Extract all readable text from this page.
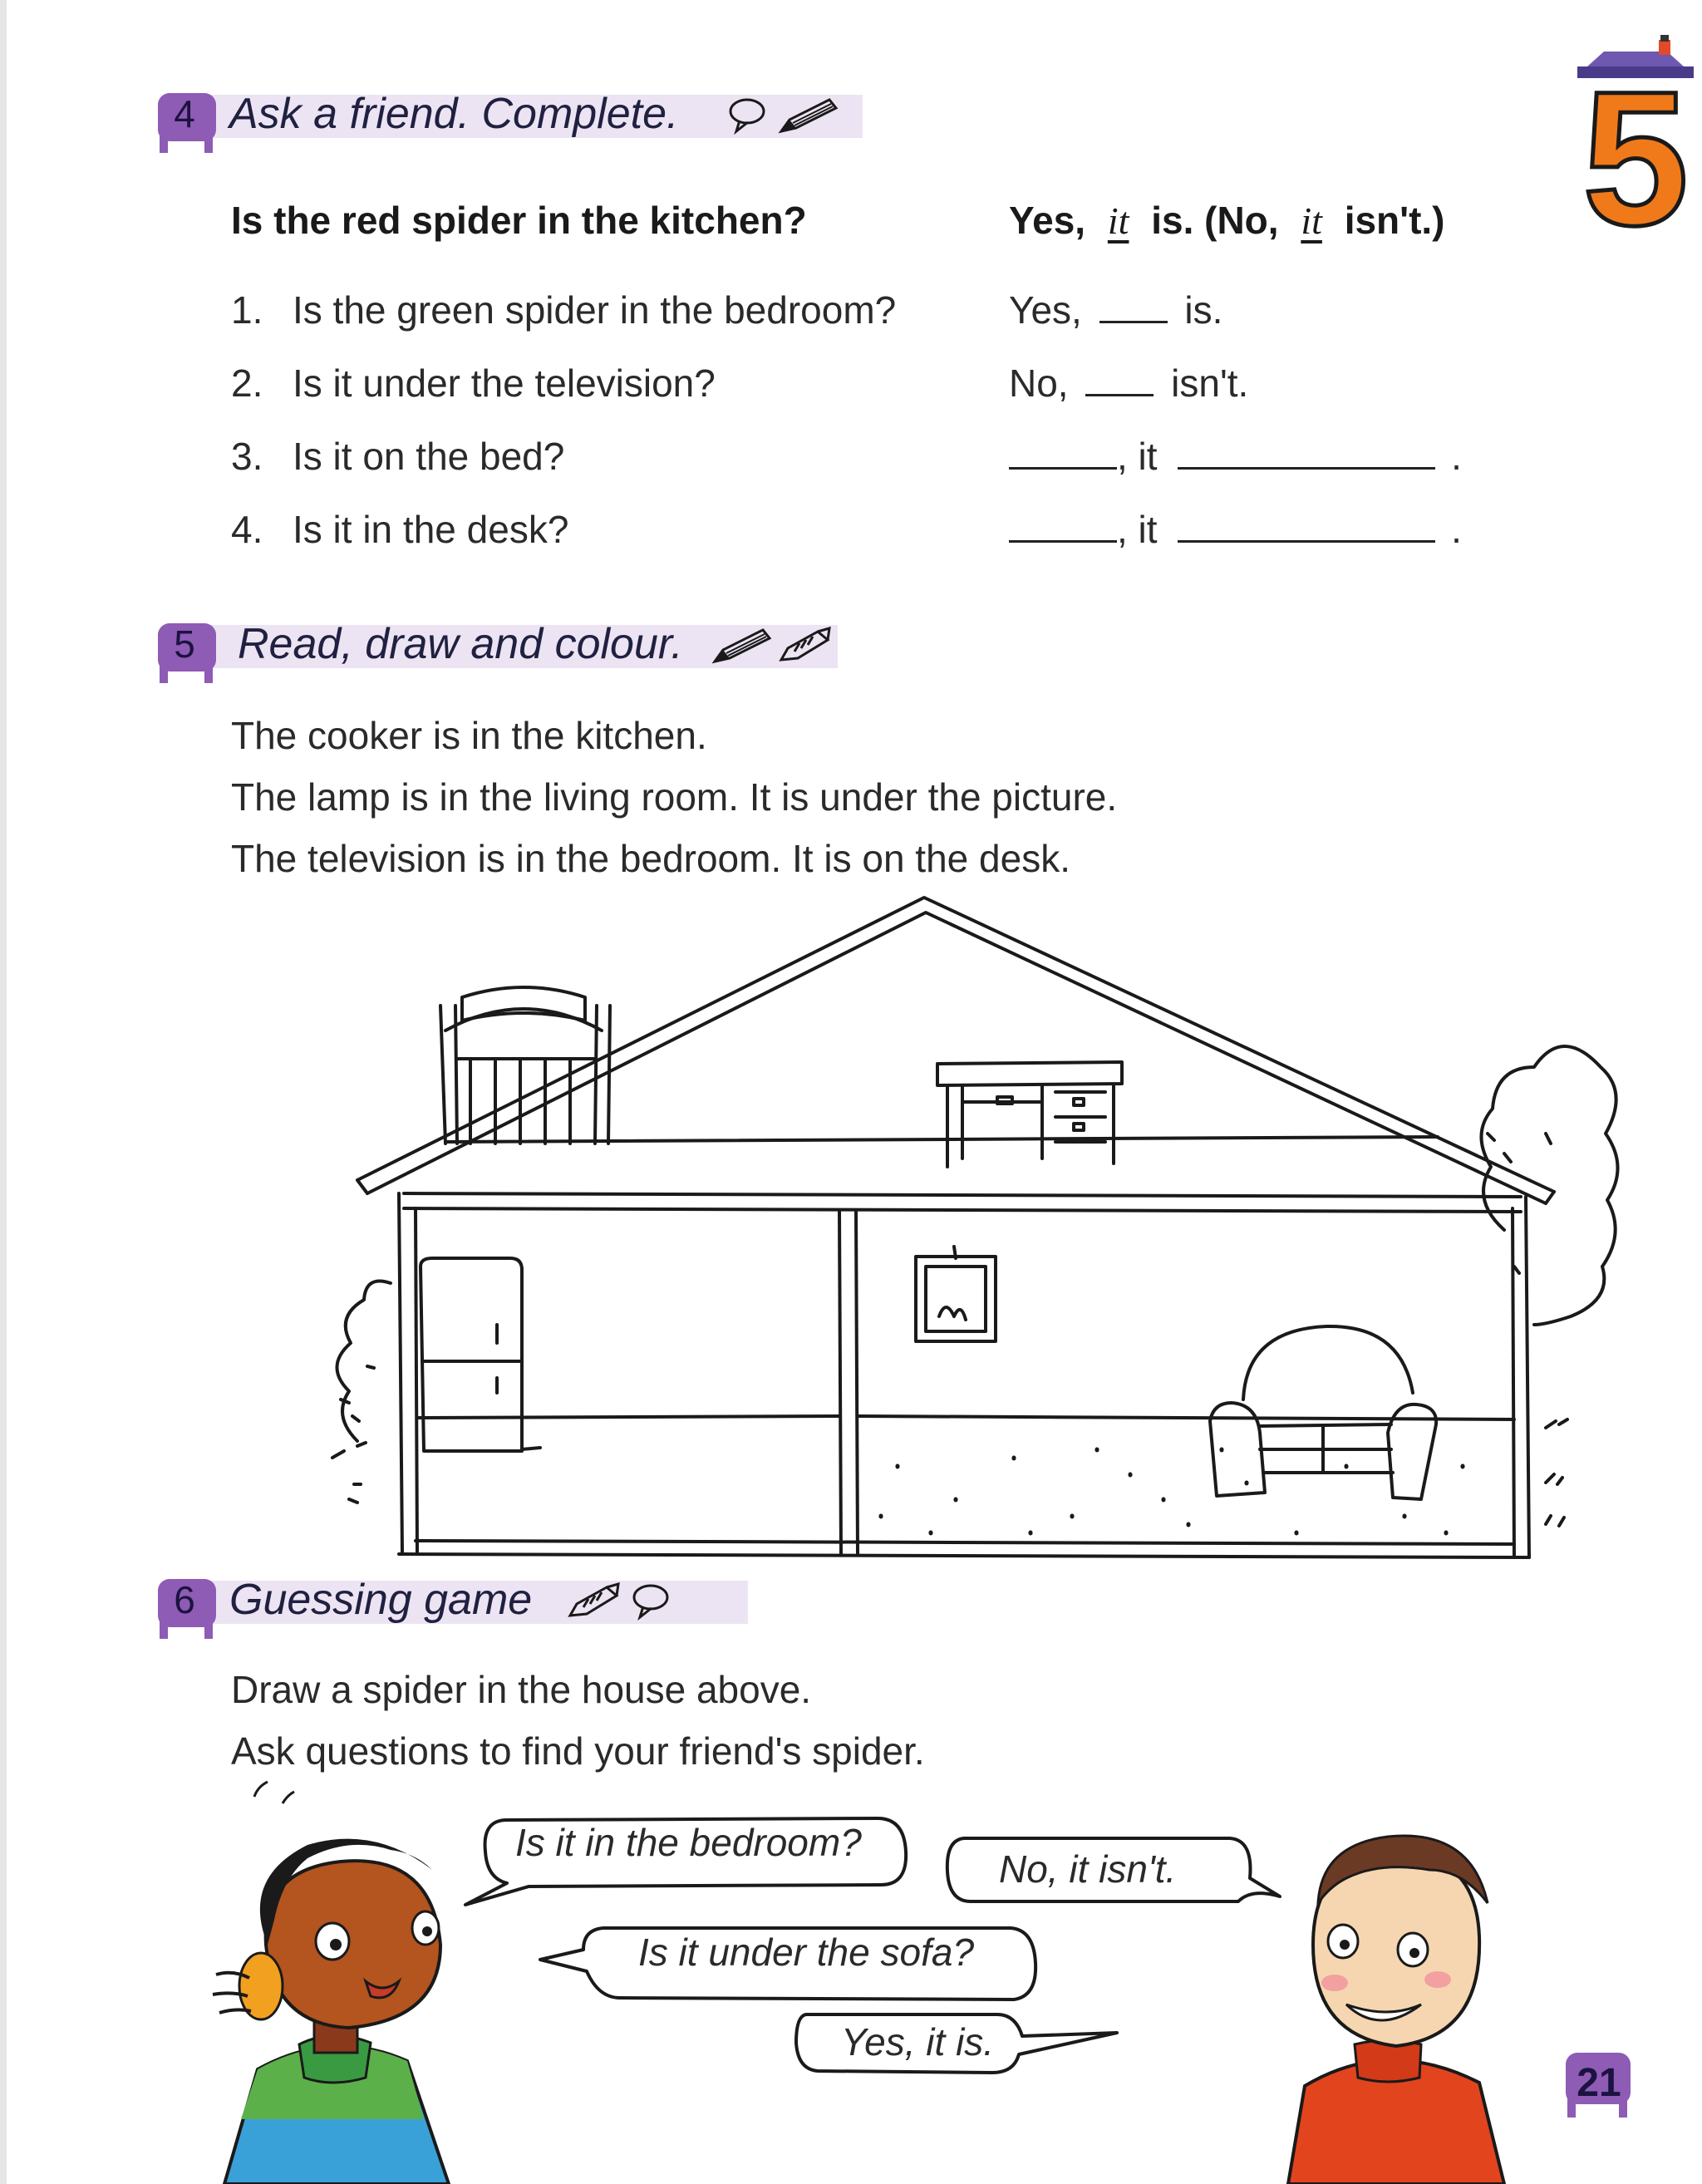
5
4 Ask a friend. Complete.
Is the red spider in the kitchen?	Yes, it is. (No, it isn't.)
1. Is the green spider in the bedroom?	Yes,	is.
2. Is it under the television?	No,	isn't.
3. Is it on the bed?	, it	.
4. Is it in the desk?	, it	.
5 Read, draw and colour.
The cooker is in the kitchen.
The lamp is in the living room. It is under the picture.
The television is in the bedroom. It is on the desk.
6 Guessing game
Draw a spider in the house above.
Ask questions to find your friend's spider.
Is it in the bedroom?
No, it isn't.
Is it under the sofa?
Yes, it is.
21
